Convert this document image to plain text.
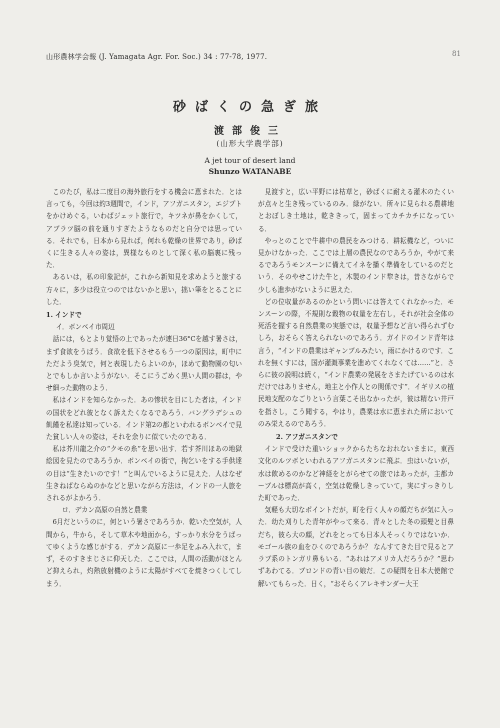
山形農林学会報 (J. Yamagata Agr. For. Soc.) 34 : 77-78, 1977.	81
砂ばくの急ぎ旅
渡部俊三
(山形大学農学部)
A jet tour of desert land
Shunzo WATANABE

このたび，私は二度目の海外旅行をする機会に恵まれた．とは言っても，今回は約3週間で，インド，アフガニスタン，エジプトをかけめぐる，いわばジェット旅行で，キツネが鼻をかくして，アブラツ脳の前を通りすぎたようなものだと自分では思っている．それでも，日本から見れば，何れも乾燥の世界であり，砂ばくに生きる人々の姿は，異様なものとして深く私の脳裏に残った．

あるいは，私の印象記が，これから新知見を求めようと旅する方々に，多少は役立つのではないかと思い，拙い筆をとることにした．

1. インドで

イ．ボンベイ市周辺

話には，もとより覚悟の上であったが連日36°Cを越す暑さは，まず食欲をうばう．食欲を低下させるもう一つの原因は，町中にただよう臭気で，何と表現したらよいのか，ほめて動物園の匂いとでもしか言いようがない．そこにうごめく黒い人間の群は，やせ細った動物のよう．

私はインドを知らなかった．あの惨状を目にした者は，インドの国状をどれ彼となく訴えたくなるであろう．バングラデシュの飢饉を私達は知っている．インド第2の都といわれるボンベイで見た貧しい人々の姿は，それを余りに似ていたのである．

私は芥川龍之介の“クモの糸”を思い出す．若す芥川ほあの地獄絵図を見たのであろうか．ボンベイの街で，拘乞いをする手供達の目は“生きたいのです！”と叫んでいるように見えた．人はなぜ生きねばならぬのかなどと思いながら方法は，インドの一人旅をされるがよかろう．

ロ．デカン高原の自然と農業

6月だというのに，何という暑さであろうか．乾いた空気が，人間から，牛から，そして草木や地面から，すっかり水分をうばってゆくような感じがする．デカン高原に一歩足をふみ入れて，まず，そのすきまじさに仰天した．ここでは，人間の活動がほとんど抑えられ，灼熱放射機のように太陽がすべてを焼きつくしてしまう．

見渡すと，広い平野には枯草と，砂ばくに耐える灌木のたくいが点々と生き残っているのみ．緑がない．所々に見られる農耕地とおぼしき土地は，乾ききって，固まってカチカチになっている．

やっとのことで牛耕中の農民をみつける．耕耘機など，ついに見かけなかった．ここでは上層の農民なのであろうか，やがて来るであろうモンスーンに備えてイネを播く準備をしているのだという．そのやせこけた牛と，木製のインド犂きは，昔さながらで少しも進歩がないように思えた．

どの位収量があるのかという問いには答えてくれなかった．モンスーンの際，不規則な穀物の収量を左右し，それが社会全体の死活を握する自然農業の実態では，収量予想など言い得られずむしろ，おそらく答えられないのであろう．ガイドのインド青年は言う，“インドの農業はギャンブルみたい，雨にかけるのです．これを無くすには，国が灌漑事業を進めてくれなくては……”と．さらに彼の説明は続く，“インド農業の発展をさまたげているのは水だけではありません，地主と小作人との関係です”．イギリスの植民地支配のなごりという言葉こそ出なかったが，彼は精ない井戸を指さし，こう聞する，やはり，農業は水に恵まれた所においてのみ栄えるのであろう．

2. アフガニスタンで

インドで受けた重いショックからたちなおれないままに，東西文化のルツボといわれるアフガニスタンに飛ぶ．虫はいないが，水は飲めるのかなど神経をとがらせての旅ではあったが，主都カーブルは標高が高く，空気は乾燥しきっていて，実にすっきりした町であった．

気軽も大切なポイントだが，町を行く人々の顔だちが気に入った．幼た刈りした青年がやって来る．青々とした冬の頭髪と目鼻だち，彼ら大の顔，どれをとっても日本人そっくりではないか．モゴール族の血をひくのであろうか？ なんすてきた目で見るとアラブ系のトンガリ鼻もいる．“あれはアメリカ人だろうか？”思わずあわてる．ブロンドの青い目の娘だ．この疑問を日本大使館で解いてもらった．日く，“おそらくアレキサンダー大王
